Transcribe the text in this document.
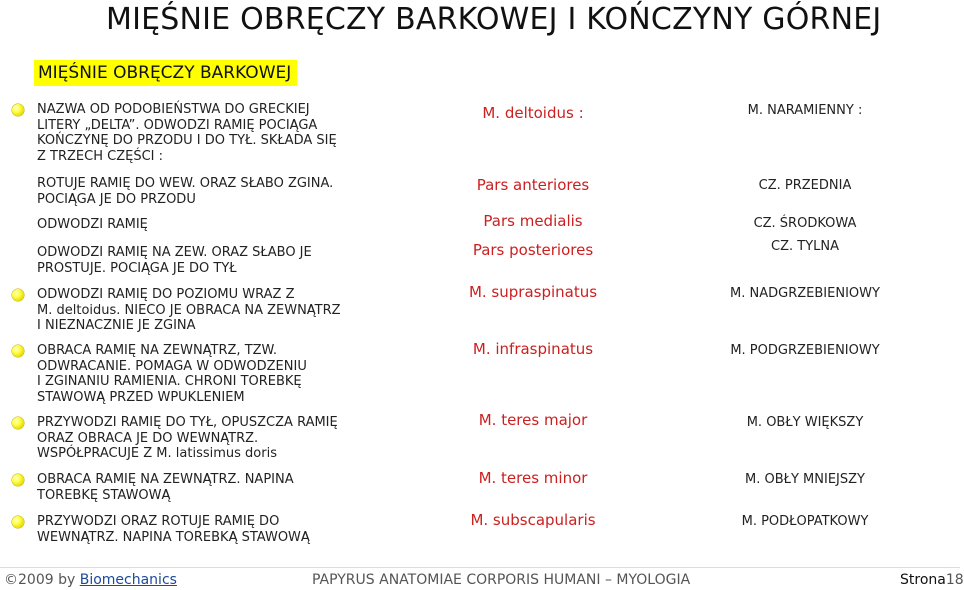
MIĘŚNIE OBRĘCZY BARKOWEJ I KOŃCZYNY GÓRNEJ
MIĘŚNIE OBRĘCZY BARKOWEJ
NAZWA OD PODOBIEŃSTWA DO GRECKIEJ
LITERY „DELTA”. ODWODZI RAMIĘ POCIĄGA
KOŃCZYNĘ DO PRZODU I DO TYŁ. SKŁADA SIĘ
Z TRZECH CZĘŚCI :
M. deltoidus :	M. NARAMIENNY :
ROTUJE RAMIĘ DO WEW. ORAZ SŁABO ZGINA.
POCIĄGA JE DO PRZODU
Pars anteriores	CZ. PRZEDNIA
ODWODZI RAMIĘ	Pars medialis	CZ. ŚRODKOWA
ODWODZI RAMIĘ NA ZEW. ORAZ SŁABO JE
PROSTUJE. POCIĄGA JE DO TYŁ
Pars posteriores	CZ. TYLNA
ODWODZI RAMIĘ DO POZIOMU WRAZ Z
M. deltoidus. NIECO JE OBRACA NA ZEWNĄTRZ
I NIEZNACZNIE JE ZGINA
M. supraspinatus	M. NADGRZEBIENIOWY
OBRACA RAMIĘ NA ZEWNĄTRZ, TZW.
ODWRACANIE. POMAGA W ODWODZENIU
I ZGINANIU RAMIENIA. CHRONI TOREBKĘ
STAWOWĄ PRZED WPUKLENIEM
M. infraspinatus	M. PODGRZEBIENIOWY
PRZYWODZI RAMIĘ DO TYŁ, OPUSZCZA RAMIĘ
ORAZ OBRACA JE DO WEWNĄTRZ.
WSPÓŁPRACUJE Z M. latissimus doris
M. teres major	M. OBŁY WIĘKSZY
OBRACA RAMIĘ NA ZEWNĄTRZ. NAPINA
TOREBKĘ STAWOWĄ
M. teres minor	M. OBŁY MNIEJSZY
PRZYWODZI ORAZ ROTUJE RAMIĘ DO
WEWNĄTRZ. NAPINA TOREBKĄ STAWOWĄ
M. subscapularis	M. PODŁOPATKOWY
©2009 by Biomechanics	PAPYRUS ANATOMIAE CORPORIS HUMANI – MYOLOGIA	Strona18
